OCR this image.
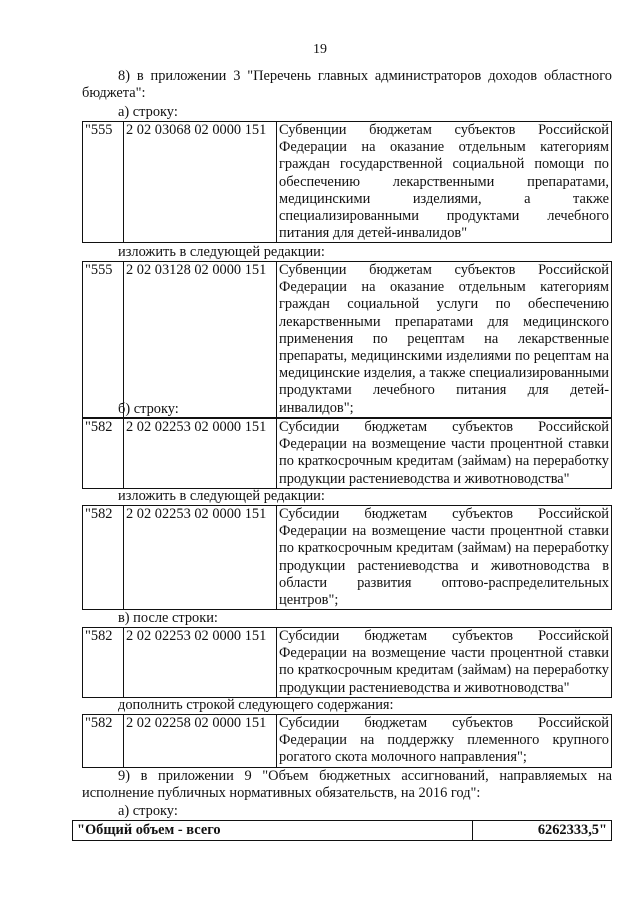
19
8) в приложении 3 "Перечень главных администраторов доходов областного бюджета":
а) строку:
"555	2 02 03068 02 0000 151	Субвенции бюджетам субъектов Российской Федерации на оказание отдельным категориям граждан государственной социальной помощи по обеспечению лекарственными препаратами, медицинскими изделиями, а также специализированными продуктами лечебного питания для детей-инвалидов"
изложить в следующей редакции:
"555	2 02 03128 02 0000 151	Субвенции бюджетам субъектов Российской Федерации на оказание отдельным категориям граждан социальной услуги по обеспечению лекарственными препаратами для медицинского применения по рецептам на лекарственные препараты, медицинскими изделиями по рецептам на медицинские изделия, а также специализированными продуктами лечебного питания для детей-инвалидов";
б) строку:
"582	2 02 02253 02 0000 151	Субсидии бюджетам субъектов Российской Федерации на возмещение части процентной ставки по краткосрочным кредитам (займам) на переработку продукции растениеводства и животноводства"
изложить в следующей редакции:
"582	2 02 02253 02 0000 151	Субсидии бюджетам субъектов Российской Федерации на возмещение части процентной ставки по краткосрочным кредитам (займам) на переработку продукции растениеводства и животноводства в области развития оптово-распределительных центров";
в) после строки:
"582	2 02 02253 02 0000 151	Субсидии бюджетам субъектов Российской Федерации на возмещение части процентной ставки по краткосрочным кредитам (займам) на переработку продукции растениеводства и животноводства"
дополнить строкой следующего содержания:
"582	2 02 02258 02 0000 151	Субсидии бюджетам субъектов Российской Федерации на поддержку племенного крупного рогатого скота молочного направления";
9) в приложении 9 "Объем бюджетных ассигнований, направляемых на исполнение публичных нормативных обязательств, на 2016 год":
а) строку:
"Общий объем - всего	6262333,5"
